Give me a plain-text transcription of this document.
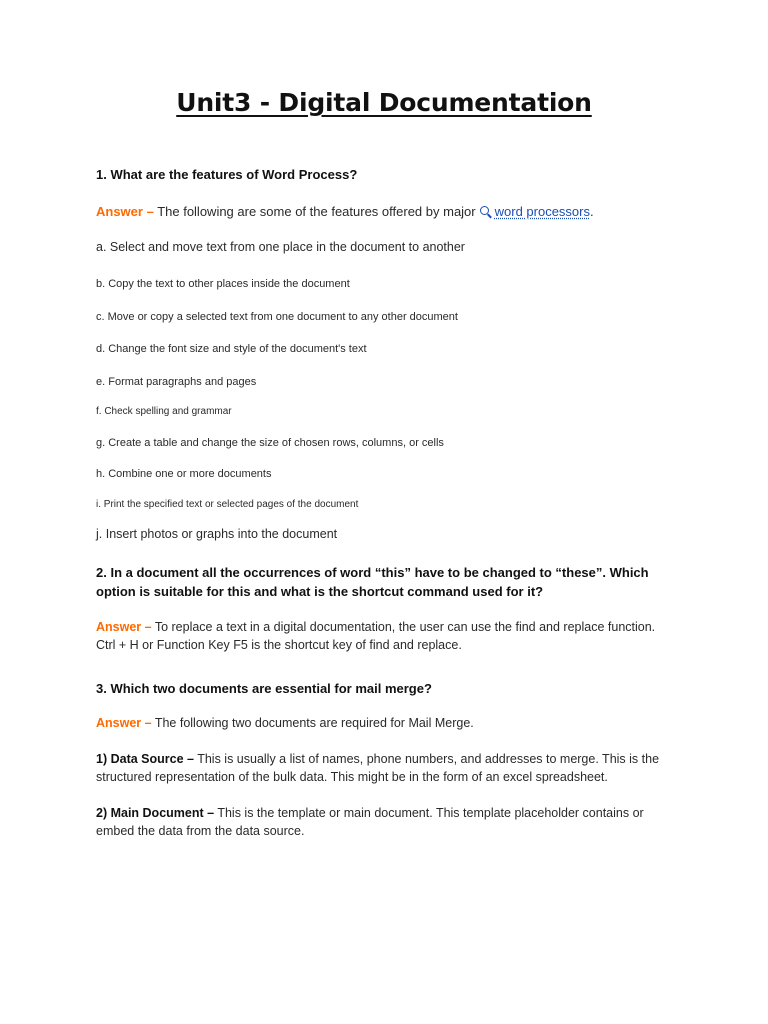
Unit3 - Digital Documentation
1. What are the features of Word Process?
Answer – The following are some of the features offered by major word processors.
a. Select and move text from one place in the document to another
b. Copy the text to other places inside the document
c. Move or copy a selected text from one document to any other document
d. Change the font size and style of the document's text
e. Format paragraphs and pages
f. Check spelling and grammar
g. Create a table and change the size of chosen rows, columns, or cells
h. Combine one or more documents
i. Print the specified text or selected pages of the document
j. Insert photos or graphs into the document
2. In a document all the occurrences of word “this” have to be changed to “these”. Which
option is suitable for this and what is the shortcut command used for it?
Answer – To replace a text in a digital documentation, the user can use the find and replace function.
Ctrl + H or Function Key F5 is the shortcut key of find and replace.
3. Which two documents are essential for mail merge?
Answer – The following two documents are required for Mail Merge.
1) Data Source – This is usually a list of names, phone numbers, and addresses to merge. This is the
structured representation of the bulk data. This might be in the form of an excel spreadsheet.
2) Main Document – This is the template or main document. This template placeholder contains or
embed the data from the data source.
